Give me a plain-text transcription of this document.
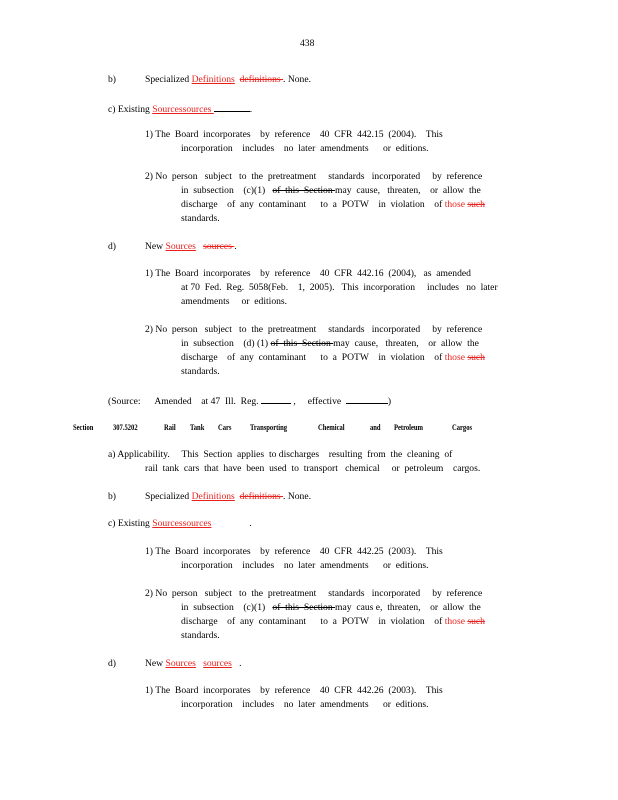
438
b)	Specialized Definitions definitions . None.
c) Existing Sourcessources	.
1) The  Board  incorporates    by  reference    40  CFR  442.15  (2004).    This
incorporation    includes    no  later  amendments      or  editions.
2) No  person   subject   to  the  pretreatment     standards   incorporated     by  reference
in  subsection    (c)(1)   of  this  Section may  cause,   threaten,    or  allow  the
discharge    of  any  contaminant      to  a  POTW    in  violation    of those such
standards.
d)	New Sources sources .
1) The  Board  incorporates    by  reference    40  CFR  442.16  (2004),   as  amended
at 70  Fed.  Reg.  5058(Feb.    1,  2005).   This  incorporation     includes   no  later
amendments     or  editions.
2) No  person   subject   to  the  pretreatment     standards   incorporated     by  reference
in  subsection    (d) (1) of  this  Section may  cause,   threaten,    or  allow  the
discharge    of  any  contaminant      to  a  POTW    in  violation    of those such
standards.
(Source:      Amended    at 47  Ill.  Reg.	,     effective	)
Section 307.5202	Rail Tank Cars Transporting	Chemical	and Petroleum	Cargos
a) Applicability.     This  Section  applies  to discharges    resulting  from  the  cleaning  of
rail  tank  cars  that  have  been  used  to  transport   chemical     or  petroleum    cargos.
b)	Specialized Definitions definitions . None.
c) Existing Sourcessources	.
1) The  Board  incorporates    by  reference    40  CFR  442.25  (2003).    This
incorporation    includes    no  later  amendments      or  editions.
2) No  person   subject   to  the  pretreatment     standards   incorporated     by  reference
in  subsection    (c)(1)   of  this  Section may  caus e,  threaten,    or  allow  the
discharge    of  any  contaminant      to  a  POTW    in  violation    of those such
standards.
d)	New Sources sources .
1) The  Board  incorporates    by  reference    40  CFR  442.26  (2003).    This
incorporation    includes    no  later  amendments      or  editions.
